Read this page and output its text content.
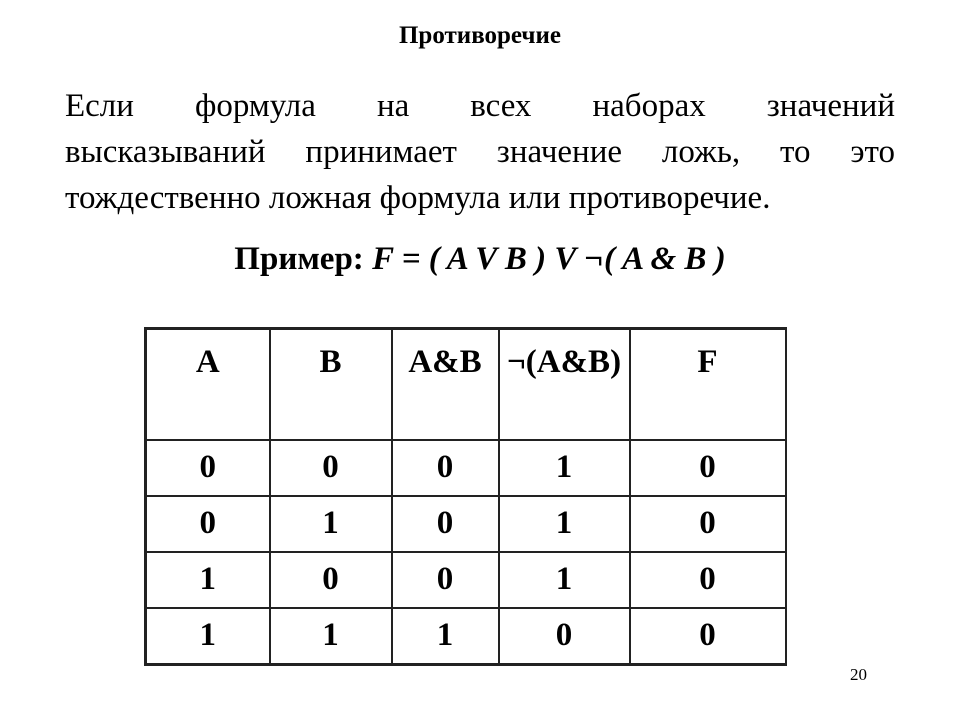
Противоречие
Если формула на всех наборах значений
высказываний принимает значение ложь, то это
тождественно ложная формула или противоречие.
Пример: F = ( A V B ) V ¬( A & B )
A	B	A&B	¬(A&B)	F
0	0	0	1	0
0	1	0	1	0
1	0	0	1	0
1	1	1	0	0
20
